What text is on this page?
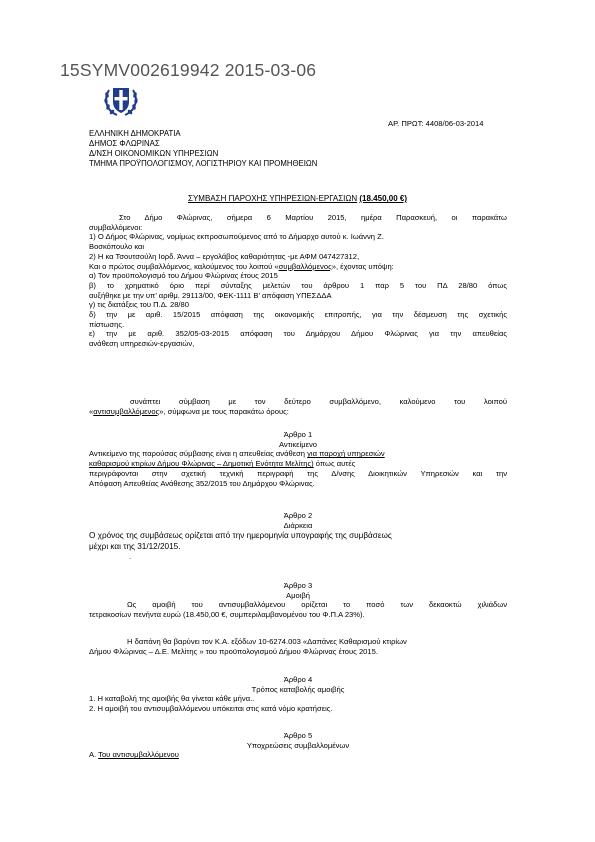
15SYMV002619942 2015-03-06
ΑΡ. ΠΡΩΤ: 4408/06-03-2014
ΕΛΛΗΝΙΚΗ ΔΗΜΟΚΡΑΤΙΑ
ΔΗΜΟΣ ΦΛΩΡΙΝΑΣ
Δ/ΝΣΗ ΟΙΚΟΝΟΜΙΚΩΝ ΥΠΗΡΕΣΙΩΝ
ΤΜΗΜΑ ΠΡΟΫΠΟΛΟΓΙΣΜΟΥ, ΛΟΓΙΣΤΗΡΙΟΥ ΚΑΙ ΠΡΟΜΗΘΕΙΩΝ
ΣΥΜΒΑΣΗ ΠΑΡΟΧΗΣ ΥΠΗΡΕΣΙΩΝ-ΕΡΓΑΣΙΩΝ (18.450,00 €)
Στο Δήμο Φλώρινας, σήμερα 6 Μαρτίου 2015, ημέρα Παρασκευή, οι παρακάτω
συμβαλλόμενοι:
1) Ο Δήμος Φλώρινας, νομίμως εκπροσωπούμενος από το Δήμαρχο αυτού κ. Ιωάννη Ζ.
Βοσκόπουλο και
2) Η κα Τσουτσούλη Ιορδ. Άννα – εργολάβος καθαριότητας -με ΑΦΜ 047427312,
Και ο πρώτος συμβαλλόμενος, καλούμενος του λοιπού «συμβαλλόμενος», έχοντας υπόψη:
α) Τον προϋπολογισμό του Δήμου Φλώρινας έτους 2015
β) το χρηματικό όριο περί σύνταξης μελετών του άρθρου 1 παρ 5 του ΠΔ 28/80 όπως
αυξήθηκε με την υπ’ αριθμ. 29113/00, ΦΕΚ-1111 Β’ απόφαση ΥΠΕΣΔΔΑ
γ) τις διατάξεις του Π.Δ. 28/80
δ) την με αριθ. 15/2015 απόφαση της οικονομικής επιτροπής, για την δέσμευση της σχετικής
πίστωσης.
ε) την με αριθ. 352/05-03-2015 απόφαση του Δημάρχου Δήμου Φλώρινας για την απευθείας
ανάθεση υπηρεσιών-εργασιών,
συνάπτει σύμβαση με τον δεύτερο συμβαλλόμενο, καλούμενο του λοιπού
«αντισυμβαλλόμενος», σύμφωνα με τους παρακάτω όρους:
Άρθρο 1
Αντικείμενο
Αντικείμενο της παρούσας σύμβασης είναι η απευθείας ανάθεση για παροχή υπηρεσιών
καθαρισμού κτιρίων Δήμου Φλώρινας – Δημοτική Ενότητα Μελίτης) όπως αυτές
περιγράφονται στην σχετική τεχνική περιγραφή της Δ/νσης Διοικητικών Υπηρεσιών και την
Απόφαση Απευθείας Ανάθεσης 352/2015 του Δημάρχου Φλώρινας.
Άρθρο 2
Διάρκεια
Ο χρόνος της συμβάσεως ορίζεται από την ημερομηνία υπογραφής της συμβάσεως
μέχρι και της 31/12/2015.
.
Άρθρο 3
Αμοιβή
Ως αμοιβή του αντισυμβαλλόμενου ορίζεται το ποσό των δεκαοκτώ χιλιάδων
τετρακοσίων πενήντα ευρώ (18.450,00 €, συμπεριλαμβανομένου του Φ.Π.Α 23%).
Η δαπάνη θα βαρύνει τον Κ.Α. εξόδων 10-6274.003 «Δαπάνες Καθαρισμού κτιρίων
Δήμου Φλώρινας – Δ.Ε. Μελίτης » του προϋπολογισμού Δήμου Φλώρινας έτους 2015.
Άρθρο 4
Τρόπος καταβολής αμοιβής
1. Η καταβολή της αμοιβής θα γίνεται κάθε μήνα..
2. Η αμοιβή του αντισυμβαλλόμενου υπόκειται στις κατά νόμο κρατήσεις.
Άρθρο 5
Υποχρεώσεις συμβαλλομένων
Α. Του αντισυμβαλλόμενου
